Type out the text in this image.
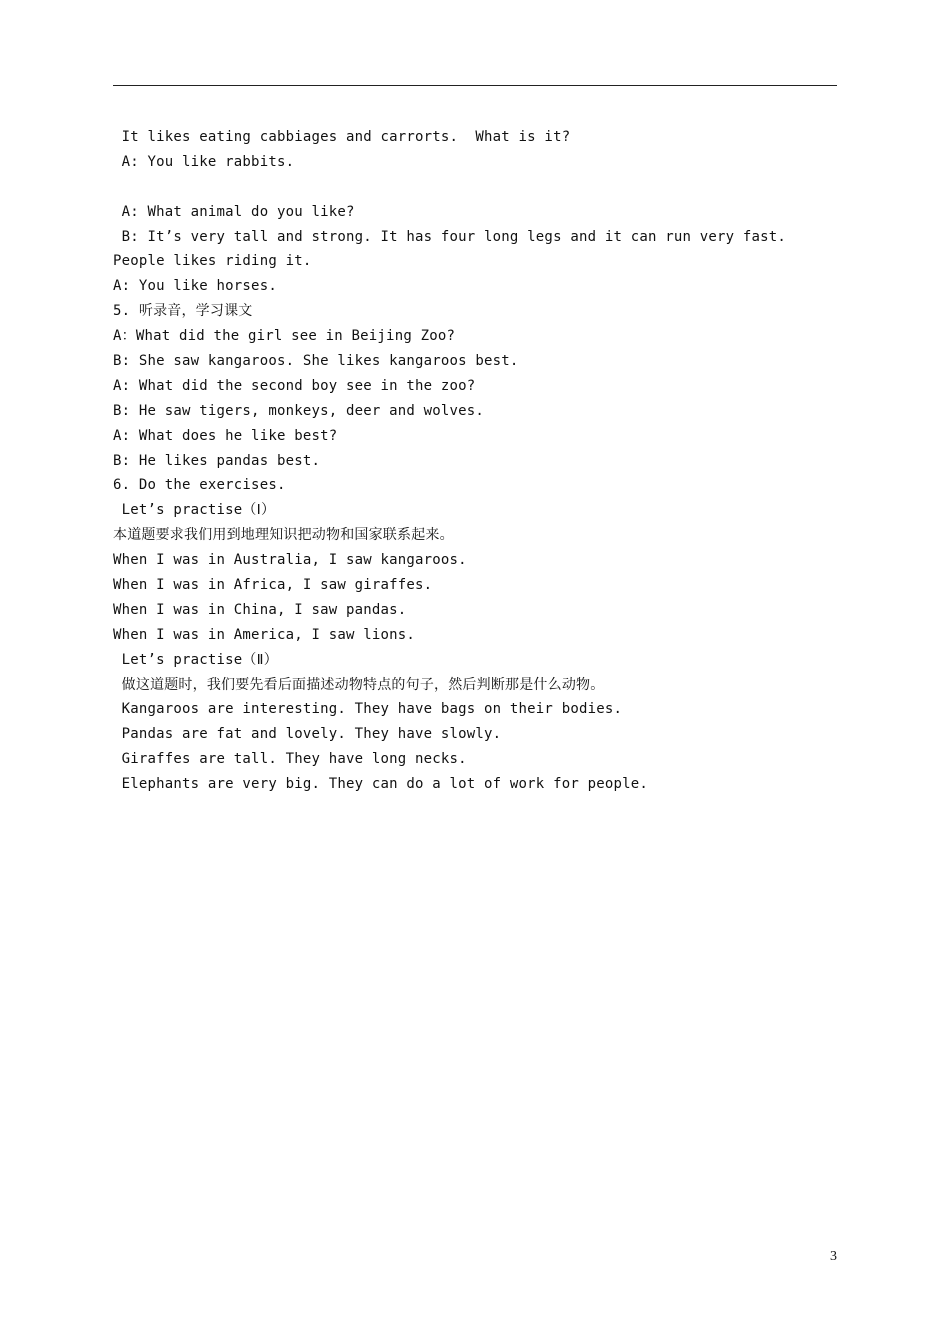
It likes eating cabbiages and carrorts.  What is it?
A: You like rabbits.
A: What animal do you like?
B: It’s very tall and strong. It has four long legs and it can run very fast.
People likes riding it.
A: You like horses.
5. 听录音，学习课文
A：What did the girl see in Beijing Zoo?
B: She saw kangaroos. She likes kangaroos best.
A: What did the second boy see in the zoo?
B: He saw tigers, monkeys, deer and wolves.
A: What does he like best?
B: He likes pandas best.
6. Do the exercises.
Let’s practise（Ⅰ）
本道题要求我们用到地理知识把动物和国家联系起来。
When I was in Australia, I saw kangaroos.
When I was in Africa, I saw giraffes.
When I was in China, I saw pandas.
When I was in America, I saw lions.
Let’s practise（Ⅱ）
做这道题时，我们要先看后面描述动物特点的句子，然后判断那是什么动物。
Kangaroos are interesting. They have bags on their bodies.
Pandas are fat and lovely. They have slowly.
Giraffes are tall. They have long necks.
Elephants are very big. They can do a lot of work for people.
3
